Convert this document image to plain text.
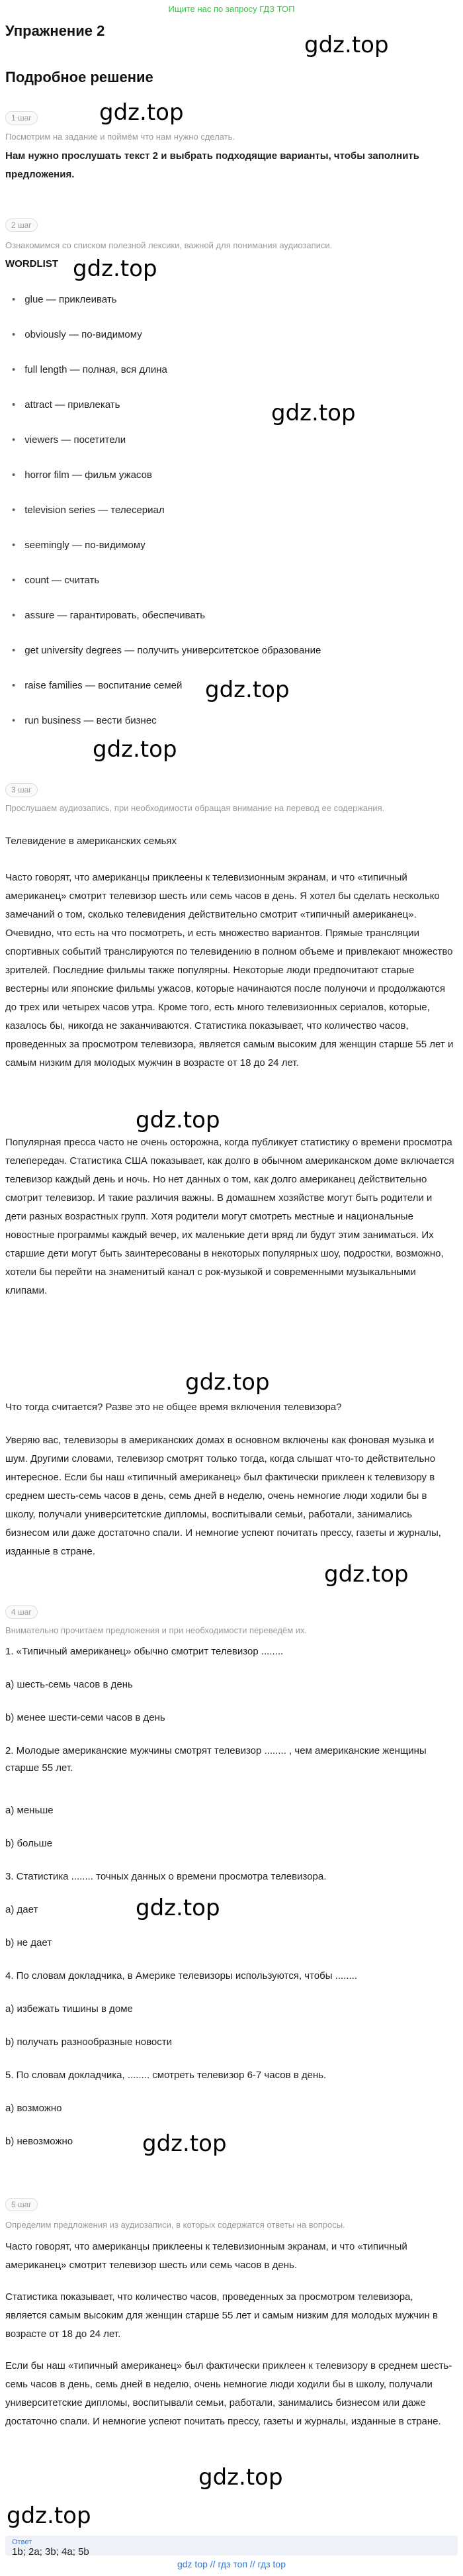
Ищите нас по запросу ГДЗ ТОП
Упражнение 2
gdz.top
Подробное решение
1 шаг	gdz.top
Посмотрим на задание и поймём что нам нужно сделать.
Нам нужно прослушать текст 2 и выбрать подходящие варианты, чтобы заполнить предложения.
2 шаг
Ознакомимся со списком полезной лексики, важной для понимания аудиозаписи.
WORDLIST gdz.top
• glue — приклеивать
• obviously — по-видимому
• full length — полная, вся длина
• attract — привлекать	gdz.top
• viewers — посетители
• horror film — фильм ужасов
• television series — телесериал
• seemingly — по-видимому
• count — считать
• assure — гарантировать, обеспечивать
• get university degrees — получить университетское образование
• raise families — воспитание семей gdz.top
• run business — вести бизнес
gdz.top
3 шаг
Прослушаем аудиозапись, при необходимости обращая внимание на перевод ее содержания.
Телевидение в американских семьях
Часто говорят, что американцы приклеены к телевизионным экранам, и что «типичный американец» смотрит телевизор шесть или семь часов в день. Я хотел бы сделать несколько замечаний о том, сколько телевидения действительно смотрит «типичный американец». Очевидно, что есть на что посмотреть, и есть множество вариантов. Прямые трансляции спортивных событий транслируются по телевидению в полном объеме и привлекают множество зрителей. Последние фильмы также популярны. Некоторые люди предпочитают старые вестерны или японские фильмы ужасов, которые начинаются после полуночи и продолжаются до трех или четырех часов утра. Кроме того, есть много телевизионных сериалов, которые, казалось бы, никогда не заканчиваются. Статистика показывает, что количество часов, проведенных за просмотром телевизора, является самым высоким для женщин старше 55 лет и самым низким для молодых мужчин в возрасте от 18 до 24 лет.
gdz.top
Популярная пресса часто не очень осторожна, когда публикует статистику о времени просмотра телепередач. Статистика США показывает, как долго в обычном американском доме включается телевизор каждый день и ночь. Но нет данных о том, как долго американец действительно смотрит телевизор. И такие различия важны. В домашнем хозяйстве могут быть родители и дети разных возрастных групп. Хотя родители могут смотреть местные и национальные новостные программы каждый вечер, их маленькие дети вряд ли будут этим заниматься. Их старшие дети могут быть заинтересованы в некоторых популярных шоу, подростки, возможно, хотели бы перейти на знаменитый канал с рок-музыкой и современными музыкальными клипами.
gdz.top
Что тогда считается? Разве это не общее время включения телевизора?
Уверяю вас, телевизоры в американских домах в основном включены как фоновая музыка и шум. Другими словами, телевизор смотрят только тогда, когда слышат что-то действительно интересное. Если бы наш «типичный американец» был фактически приклеен к телевизору в среднем шесть-семь часов в день, семь дней в неделю, очень немногие люди ходили бы в школу, получали университетские дипломы, воспитывали семьи, работали, занимались бизнесом или даже достаточно спали. И немногие успеют почитать прессу, газеты и журналы, изданные в стране.
gdz.top
4 шаг
Внимательно прочитаем предложения и при необходимости переведём их.
1. «Типичный американец» обычно смотрит телевизор ........
a) шесть-семь часов в день
b) менее шести-семи часов в день
2. Молодые американские мужчины смотрят телевизор ........ , чем американские женщины старше 55 лет.
a) меньше
b) больше
3. Статистика ........ точных данных о времени просмотра телевизора.
a) дает	gdz.top
b) не дает
4. По словам докладчика, в Америке телевизоры используются, чтобы ........
a) избежать тишины в доме
b) получать разнообразные новости
5. По словам докладчика, ........ смотреть телевизор 6-7 часов в день.
a) возможно
b) невозможно	gdz.top
5 шаг
Определим предложения из аудиозаписи, в которых содержатся ответы на вопросы.
Часто говорят, что американцы приклеены к телевизионным экранам, и что «типичный американец» смотрит телевизор шесть или семь часов в день.
Статистика показывает, что количество часов, проведенных за просмотром телевизора, является самым высоким для женщин старше 55 лет и самым низким для молодых мужчин в возрасте от 18 до 24 лет.
Если бы наш «типичный американец» был фактически приклеен к телевизору в среднем шесть-семь часов в день, семь дней в неделю, очень немногие люди ходили бы в школу, получали университетские дипломы, воспитывали семьи, работали, занимались бизнесом или даже достаточно спали. И немногие успеют почитать прессу, газеты и журналы, изданные в стране.
gdz.top
gdz.top
Ответ
1b; 2a; 3b; 4a; 5b
gdz top // гдз топ // гдз top
